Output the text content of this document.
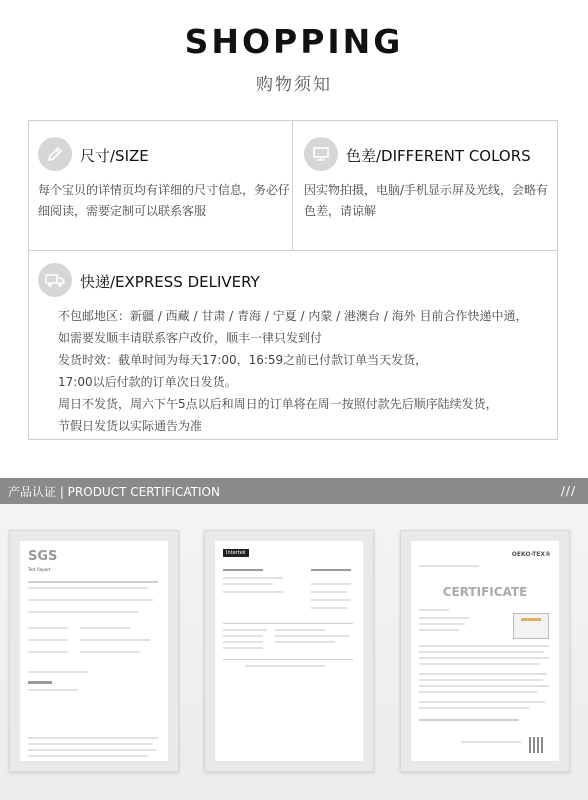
SHOPPING
购物须知
尺寸/SIZE
每个宝贝的详情页均有详细的尺寸信息，务必仔细阅读，需要定制可以联系客服
色差/DIFFERENT COLORS
因实物拍摄，电脑/手机显示屏及光线，会略有色差，请谅解
快递/EXPRESS DELIVERY
不包邮地区：新疆 / 西藏 / 甘肃 / 青海 / 宁夏 / 内蒙 / 港澳台 / 海外 目前合作快递中通，
如需要发顺丰请联系客户改价，顺丰一律只发到付
发货时效：截单时间为每天17:00，16:59之前已付款订单当天发货，
17:00以后付款的订单次日发货。
周日不发货，周六下午5点以后和周日的订单将在周一按照付款先后顺序陆续发货，
节假日发货以实际通告为准
产品认证 | PRODUCT CERTIFICATION	///
SGS
Test Report
Intertek	OEKO-TEX®
CERTIFICATE
